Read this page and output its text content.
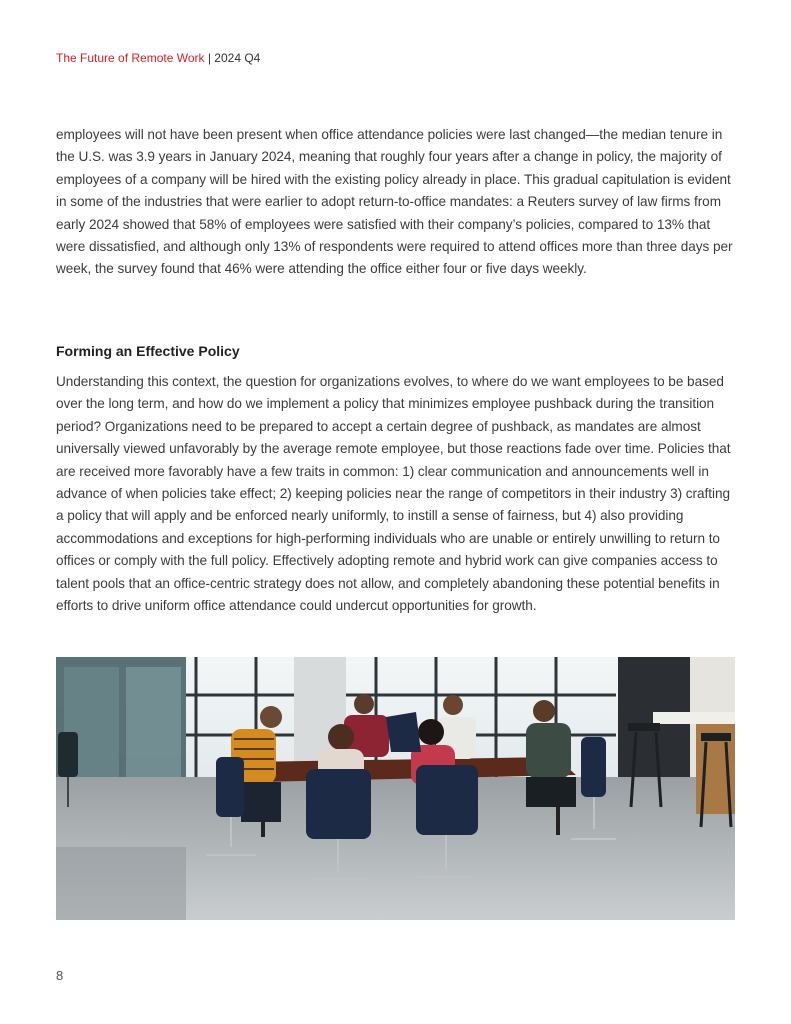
The Future of Remote Work | 2024 Q4

employees will not have been present when office attendance policies were last changed—the median tenure in the U.S. was 3.9 years in January 2024, meaning that roughly four years after a change in policy, the majority of employees of a company will be hired with the existing policy already in place. This gradual capitulation is evident in some of the industries that were earlier to adopt return-to-office mandates: a Reuters survey of law firms from early 2024 showed that 58% of employees were satisfied with their company’s policies, compared to 13% that were dissatisfied, and although only 13% of respondents were required to attend offices more than three days per week, the survey found that 46% were attending the office either four or five days weekly.

Forming an Effective Policy

Understanding this context, the question for organizations evolves, to where do we want employees to be based over the long term, and how do we implement a policy that minimizes employee pushback during the transition period? Organizations need to be prepared to accept a certain degree of pushback, as mandates are almost universally viewed unfavorably by the average remote employee, but those reactions fade over time. Policies that are received more favorably have a few traits in common: 1) clear communication and announcements well in advance of when policies take effect; 2) keeping policies near the range of competitors in their industry 3) crafting a policy that will apply and be enforced nearly uniformly, to instill a sense of fairness, but 4) also providing accommodations and exceptions for high-performing individuals who are unable or entirely unwilling to return to offices or comply with the full policy. Effectively adopting remote and hybrid work can give companies access to talent pools that an office-centric strategy does not allow, and completely abandoning these potential benefits in efforts to drive uniform office attendance could undercut opportunities for growth.

8
